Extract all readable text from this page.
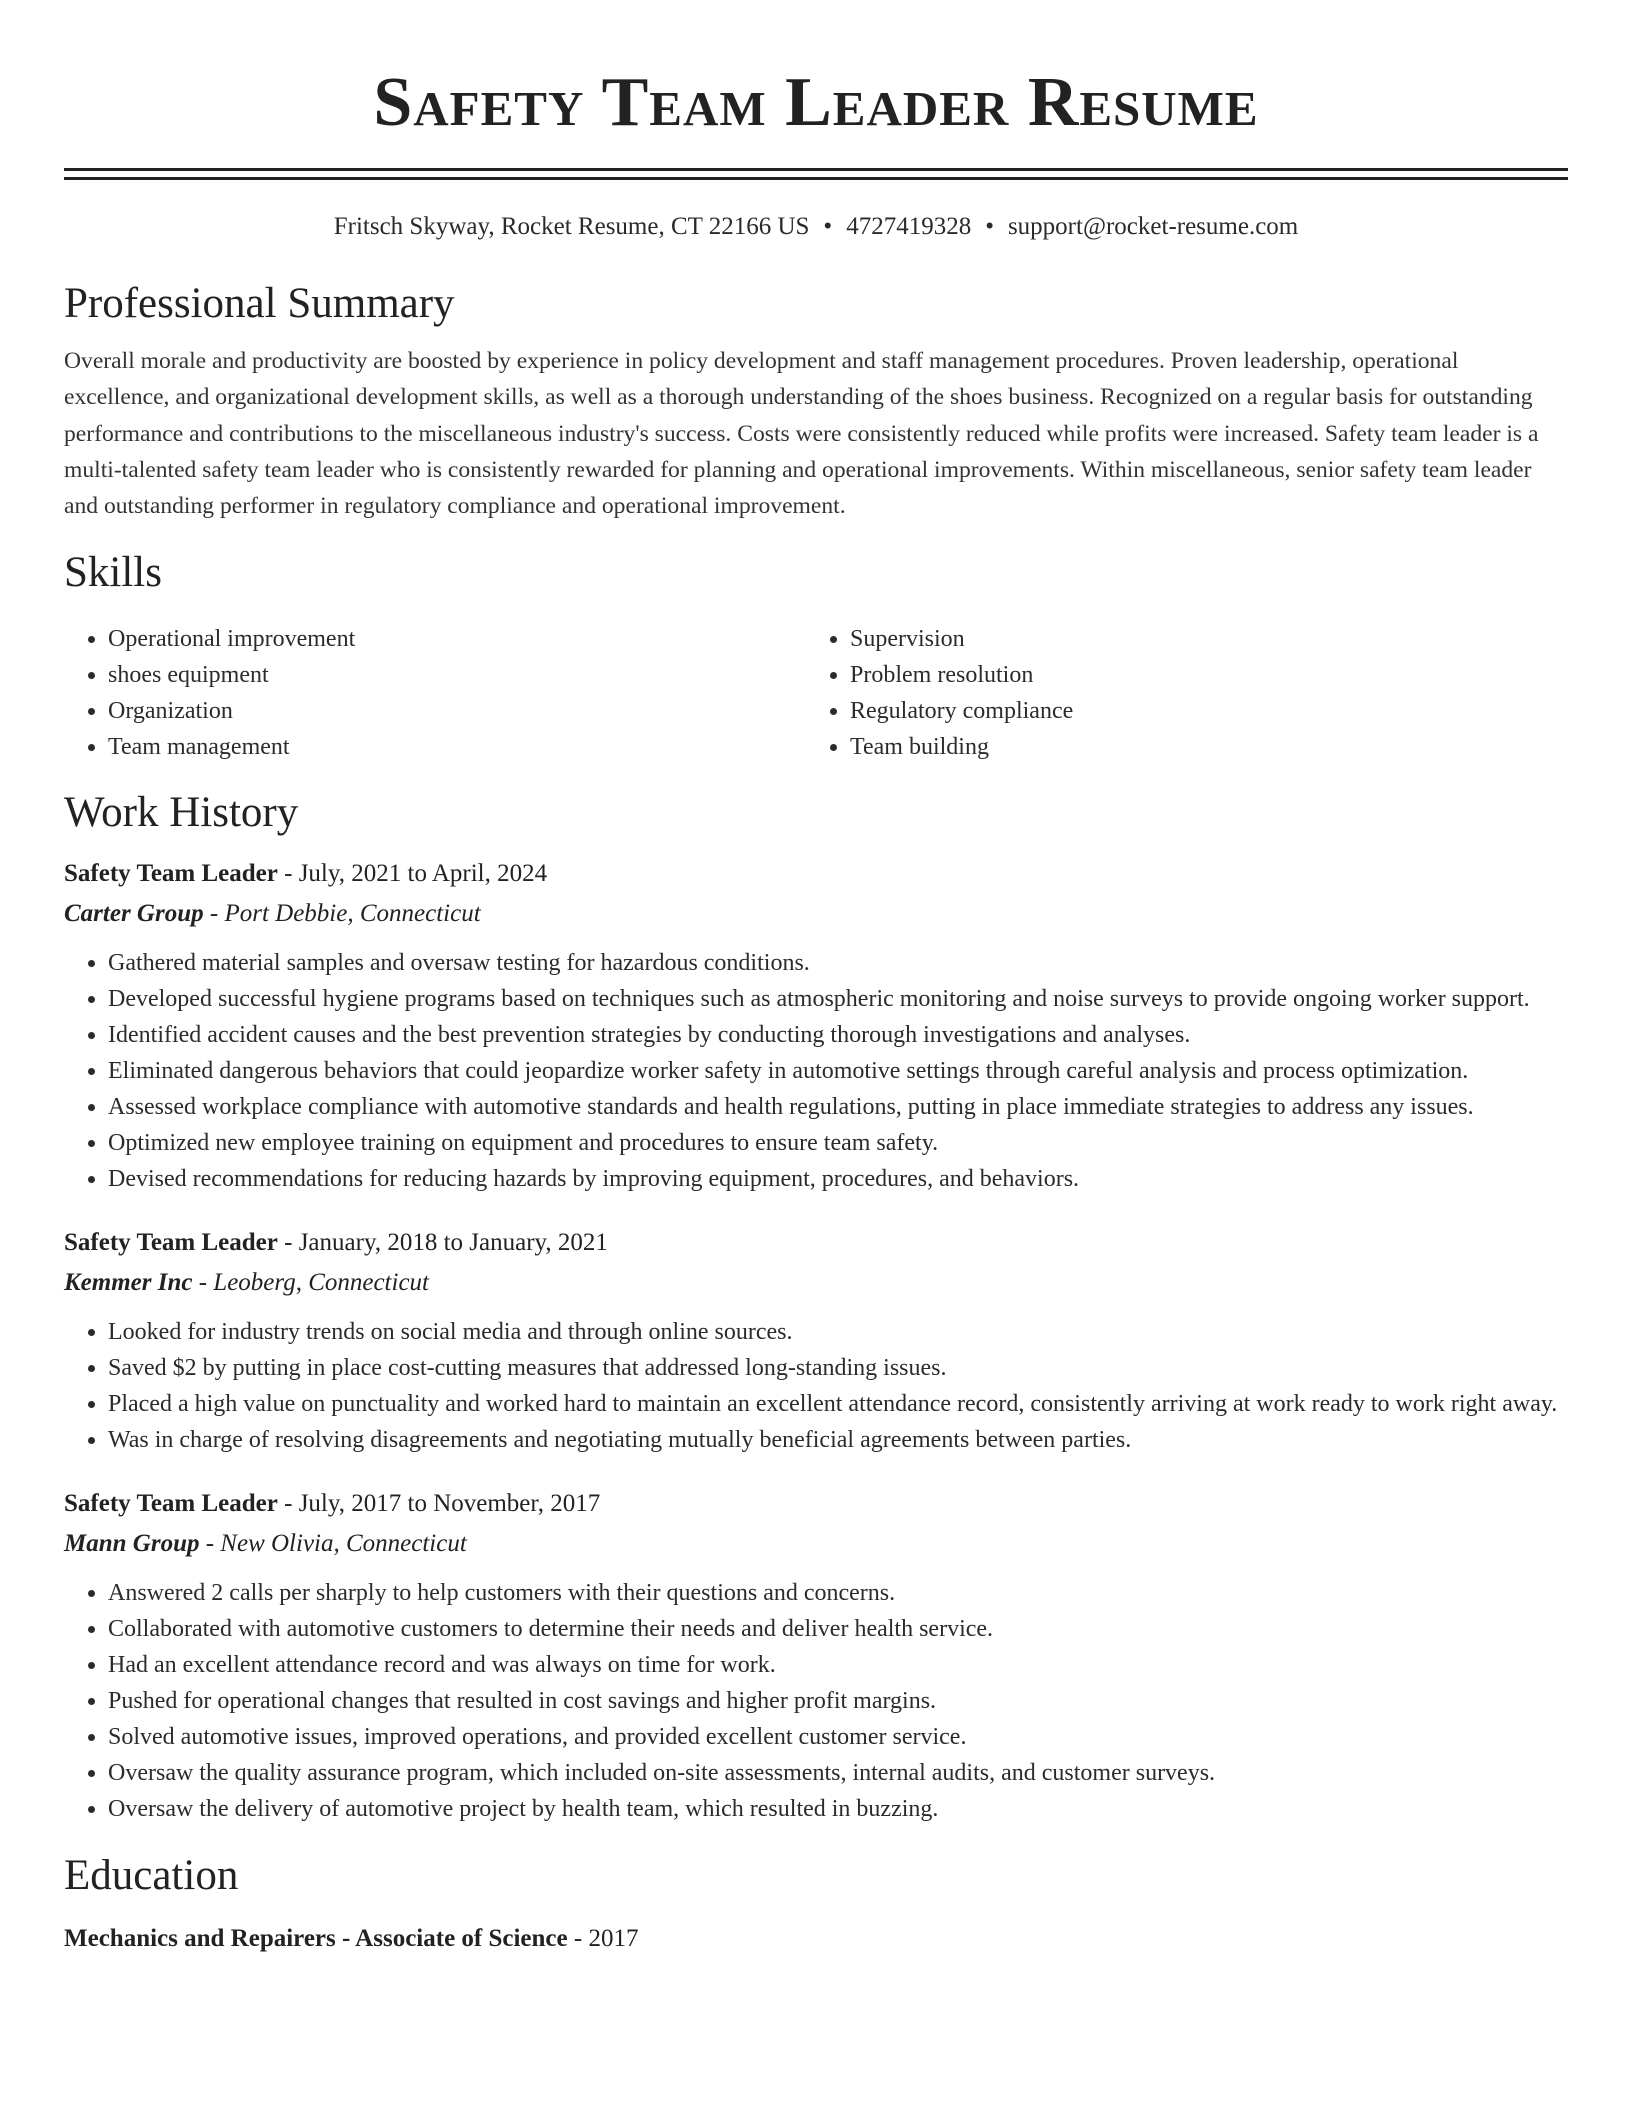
Safety Team Leader Resume
Fritsch Skyway, Rocket Resume, CT 22166 US • 4727419328 • support@rocket-resume.com
Professional Summary

Overall morale and productivity are boosted by experience in policy development and staff management procedures. Proven leadership, operational excellence, and organizational development skills, as well as a thorough understanding of the shoes business. Recognized on a regular basis for outstanding performance and contributions to the miscellaneous industry's success. Costs were consistently reduced while profits were increased. Safety team leader is a multi-talented safety team leader who is consistently rewarded for planning and operational improvements. Within miscellaneous, senior safety team leader and outstanding performer in regulatory compliance and operational improvement.

Skills
• Operational improvement
• shoes equipment
• Organization
• Team management
• Supervision
• Problem resolution
• Regulatory compliance
• Team building
Work History

Safety Team Leader - July, 2021 to April, 2024

Carter Group - Port Debbie, Connecticut

• Gathered material samples and oversaw testing for hazardous conditions.
• Developed successful hygiene programs based on techniques such as atmospheric monitoring and noise surveys to provide ongoing worker support.
• Identified accident causes and the best prevention strategies by conducting thorough investigations and analyses.
• Eliminated dangerous behaviors that could jeopardize worker safety in automotive settings through careful analysis and process optimization.
• Assessed workplace compliance with automotive standards and health regulations, putting in place immediate strategies to address any issues.
• Optimized new employee training on equipment and procedures to ensure team safety.
• Devised recommendations for reducing hazards by improving equipment, procedures, and behaviors.

Safety Team Leader - January, 2018 to January, 2021

Kemmer Inc - Leoberg, Connecticut

• Looked for industry trends on social media and through online sources.
• Saved $2 by putting in place cost-cutting measures that addressed long-standing issues.
• Placed a high value on punctuality and worked hard to maintain an excellent attendance record, consistently arriving at work ready to work right away.
• Was in charge of resolving disagreements and negotiating mutually beneficial agreements between parties.

Safety Team Leader - July, 2017 to November, 2017

Mann Group - New Olivia, Connecticut

• Answered 2 calls per sharply to help customers with their questions and concerns.
• Collaborated with automotive customers to determine their needs and deliver health service.
• Had an excellent attendance record and was always on time for work.
• Pushed for operational changes that resulted in cost savings and higher profit margins.
• Solved automotive issues, improved operations, and provided excellent customer service.
• Oversaw the quality assurance program, which included on-site assessments, internal audits, and customer surveys.
• Oversaw the delivery of automotive project by health team, which resulted in buzzing.
Education
Mechanics and Repairers - Associate of Science - 2017
